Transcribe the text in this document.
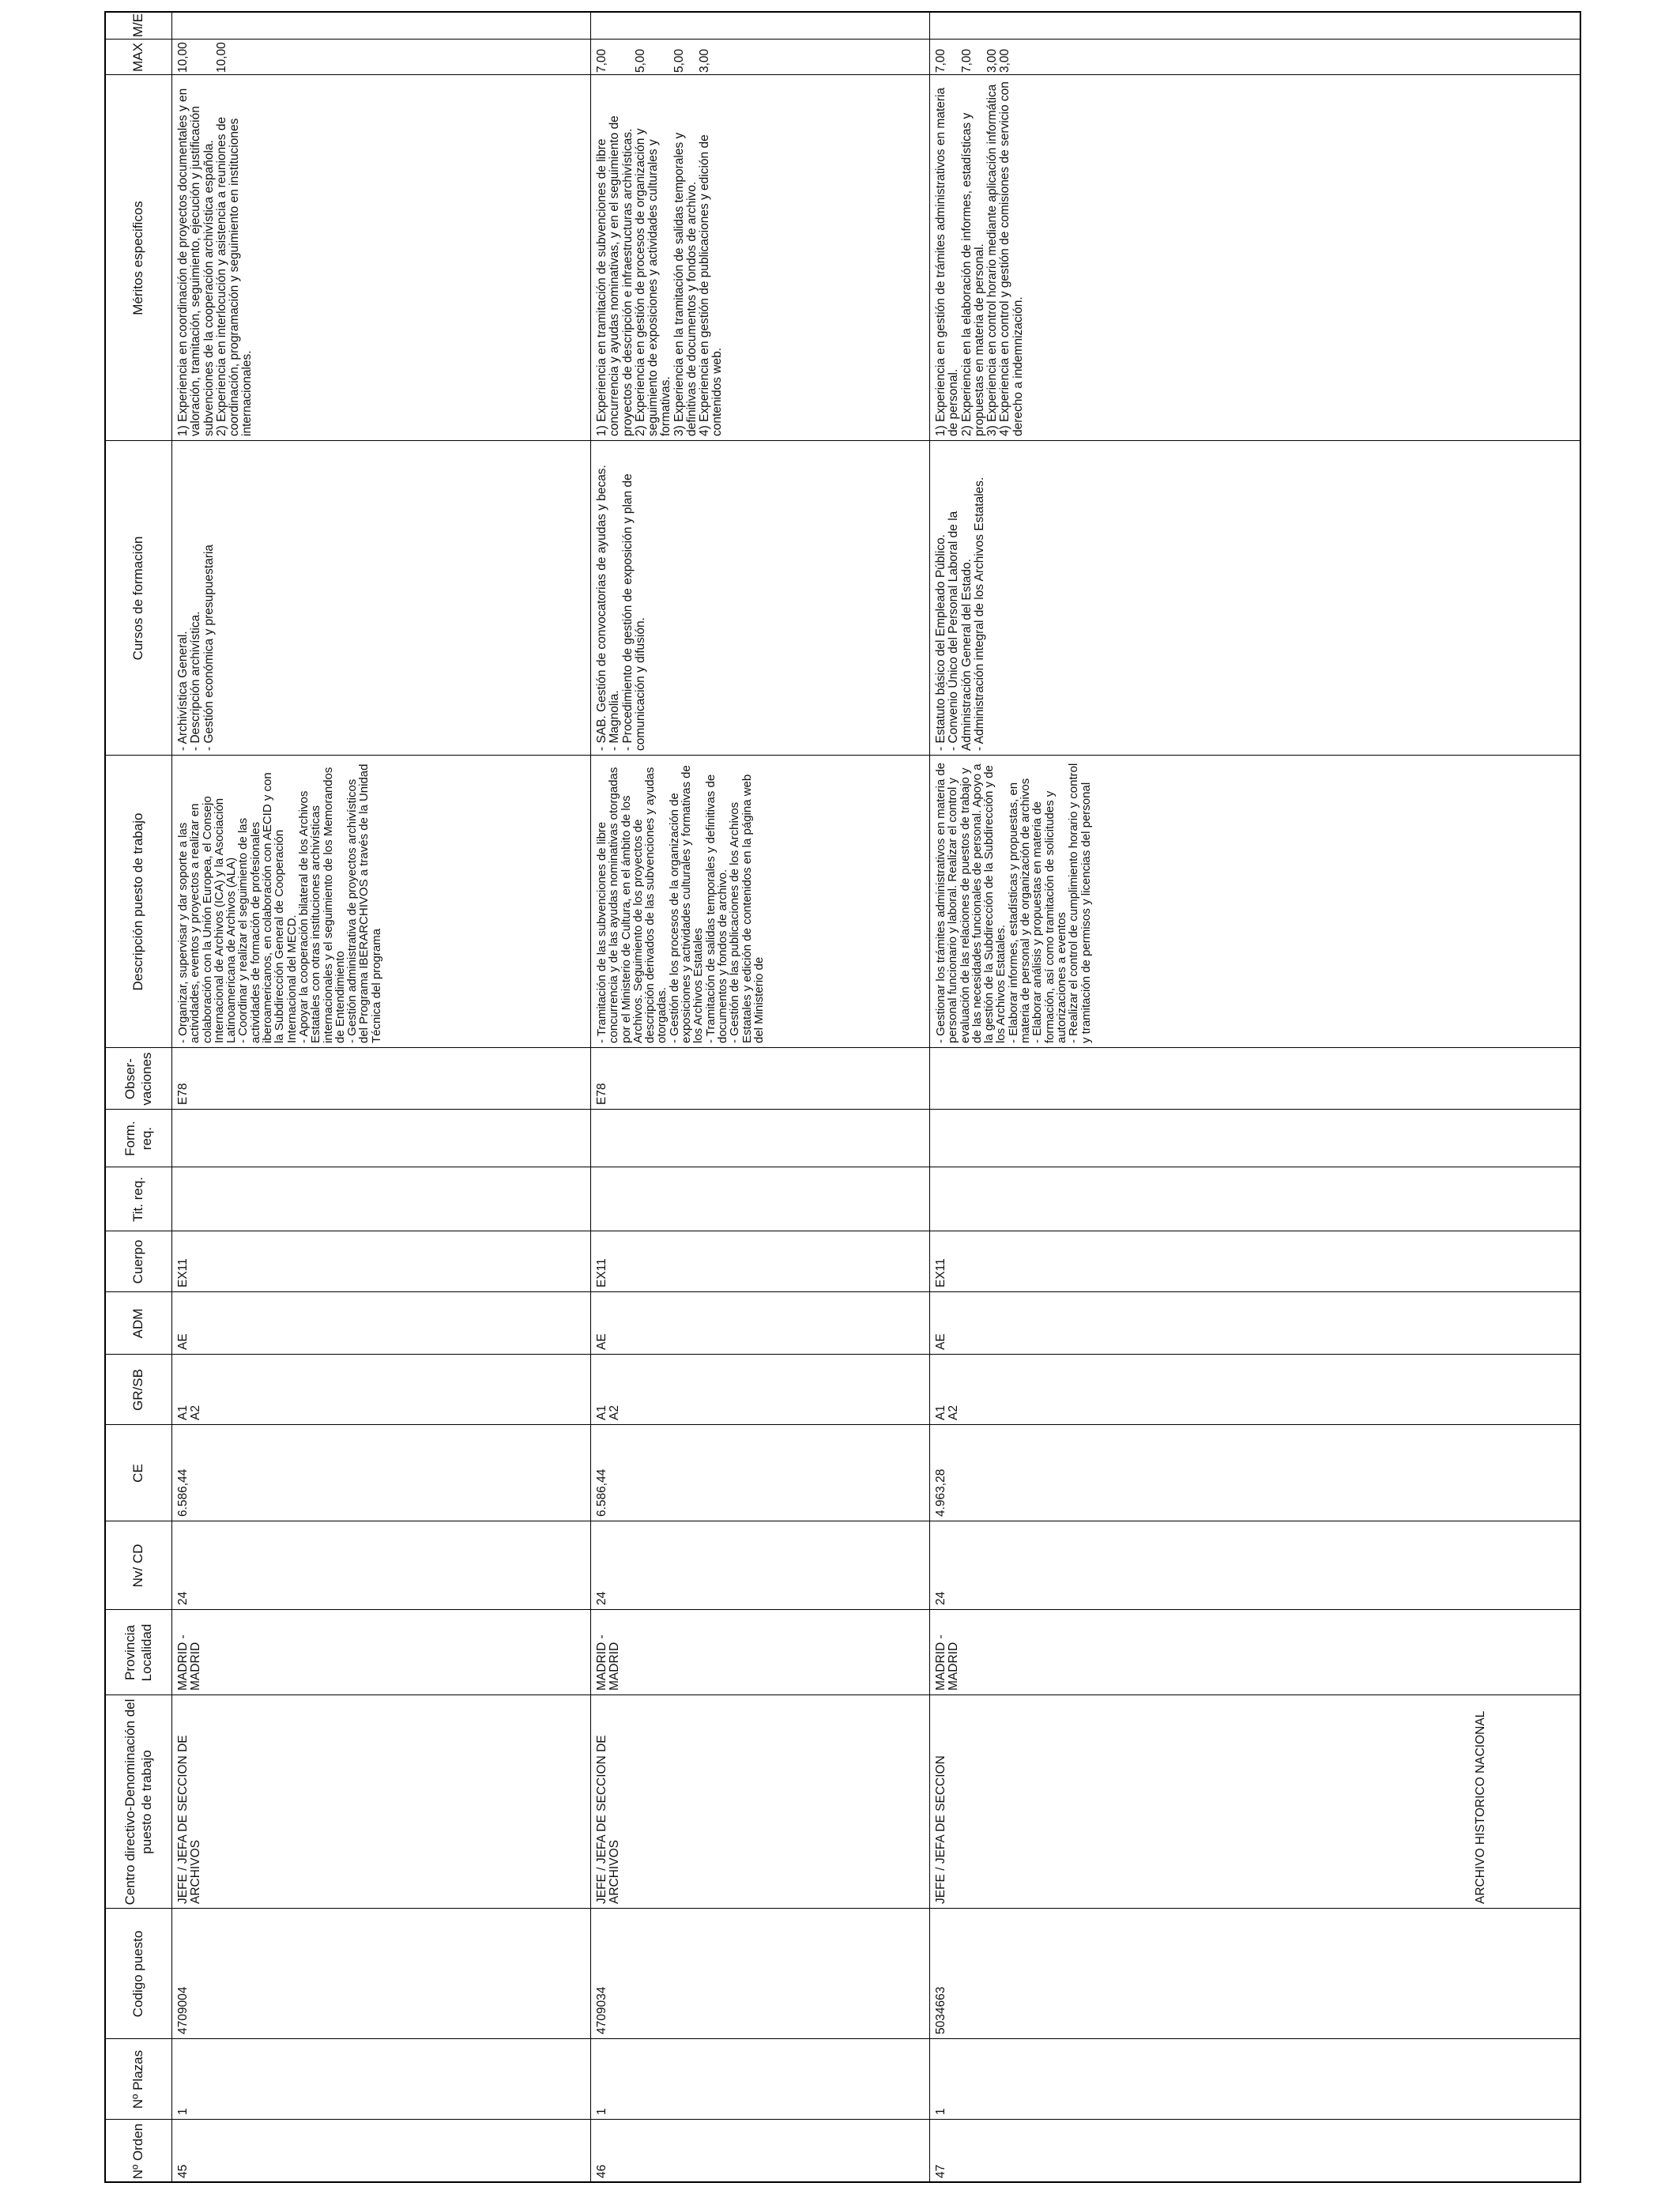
Nº Orden
Nº Plazas
Codigo puesto
Centro directivo-Denominación del puesto de trabajo
Provincia Localidad
Nv/ CD
CE
GR/SB
ADM
Cuerpo
Tit. req.
Form. req.
Obser-vaciones
Descripción puesto de trabajo
Cursos de formación
Méritos especificos
MAX
M/E
45
1
4709004
JEFE / JEFA DE SECCION DE ARCHIVOS
MADRID - MADRID
24
6.586,44
A1
A2
AE
EX11
E78
- Organizar, supervisar y dar soporte a las actividades, eventos y proyectos a realizar en colaboración con la Unión Europea, el Consejo Internacional de Archivos (ICA) y la Asociación Latinoamericana de Archivos (ALA)
- Coordinar y realizar el seguimiento de las actividades de formación de profesionales iberoamericanos, en colaboración con AECID y con la Subdirección General de Cooperación Internacional del MECD.
- Apoyar la cooperación bilateral de los Archivos Estatales con otras instituciones archivísticas internacionales y el seguimiento de los Memorandos de Entendimiento
- Gestión administrativa de proyectos archivísticos del Programa IBERARCHIVOS a través de la Unidad Técnica del programa
- Archivística General.
- Descripción archivística.
- Gestión económica y presupuestaria
1) Experiencia en coordinación de proyectos documentales y en valoración, tramitación, seguimiento, ejecución y justificación subvenciones de la cooperación archivística española. 2) Experiencia en interlocución y asistencia a reuniones de coordinación, programación y seguimiento en instituciones internacionales.
10,00 10,00
46
1
4709034
JEFE / JEFA DE SECCION DE ARCHIVOS
MADRID - MADRID
24
6.586,44
A1
A2
AE
EX11
E78
- Tramitación de las subvenciones de libre concurrencia y de las ayudas nominativas otorgadas por el Ministerio de Cultura, en el ámbito de los Archivos. Seguimiento de los proyectos de descripción derivados de las subvenciones y ayudas otorgadas.
- Gestión de los procesos de la organización de exposiciones y actividades culturales y formativas de los Archivos Estatales
- Tramitación de salidas temporales y definitivas de documentos y fondos de archivo.
- Gestión de las publicaciones de los Archivos Estatales y edición de contenidos en la página web del Ministerio de
- SAB. Gestión de convocatorias de ayudas y becas.
- Magnolia.
- Procedimiento de gestión de exposición y plan de comunicación y difusión.
1) Experiencia en tramitación de subvenciones de libre concurrencia y ayudas nominativas, y en el seguimiento de proyectos de descripción e infraestructuras archivísticas. 2) Experiencia en gestión de procesos de organización y seguimiento de exposiciones y actividades culturales y formativas. 3) Experiencia en la tramitación de salidas temporales y definitivas de documentos y fondos de archivo. 4) Experiencia en gestión de publicaciones y edición de contenidos web.
7,00 5,00 5,00 3,00
47
1
5034663
JEFE / JEFA DE SECCION
MADRID - MADRID
24
4.963,28
A1
A2
AE
EX11
- Gestionar los trámites administrativos en materia de personal funcionario y laboral. Realizar el control y evaluación de las relaciones de puestos de trabajo y de las necesidades funcionales de personal. Apoyo a la gestión de la Subdirección de la Subdirección y de los Archivos Estatales.
- Elaborar informes, estadísticas y propuestas, en materia de personal y de organización de archivos
- Elaborar análisis y propuestas en materia de formación, así como tramitación de solicitudes y autorizaciones a eventos
- Realizar el control de cumplimiento horario y control y tramitación de permisos y licencias del personal
- Estatuto básico del Empleado Público.
- Convenio Único del Personal Laboral de la Administración General del Estado.
- Administración integral de los Archivos Estatales.
1) Experiencia en gestión de trámites administrativos en materia de personal. 2) Experiencia en la elaboración de informes, estadísticas y propuestas en materia de personal. 3) Experiencia en control horario mediante aplicación informática 4) Experiencia en control y gestión de comisiones de servicio con derecho a indemnización.
7,00 7,00 3,00 3,00
ARCHIVO HISTORICO NACIONAL
